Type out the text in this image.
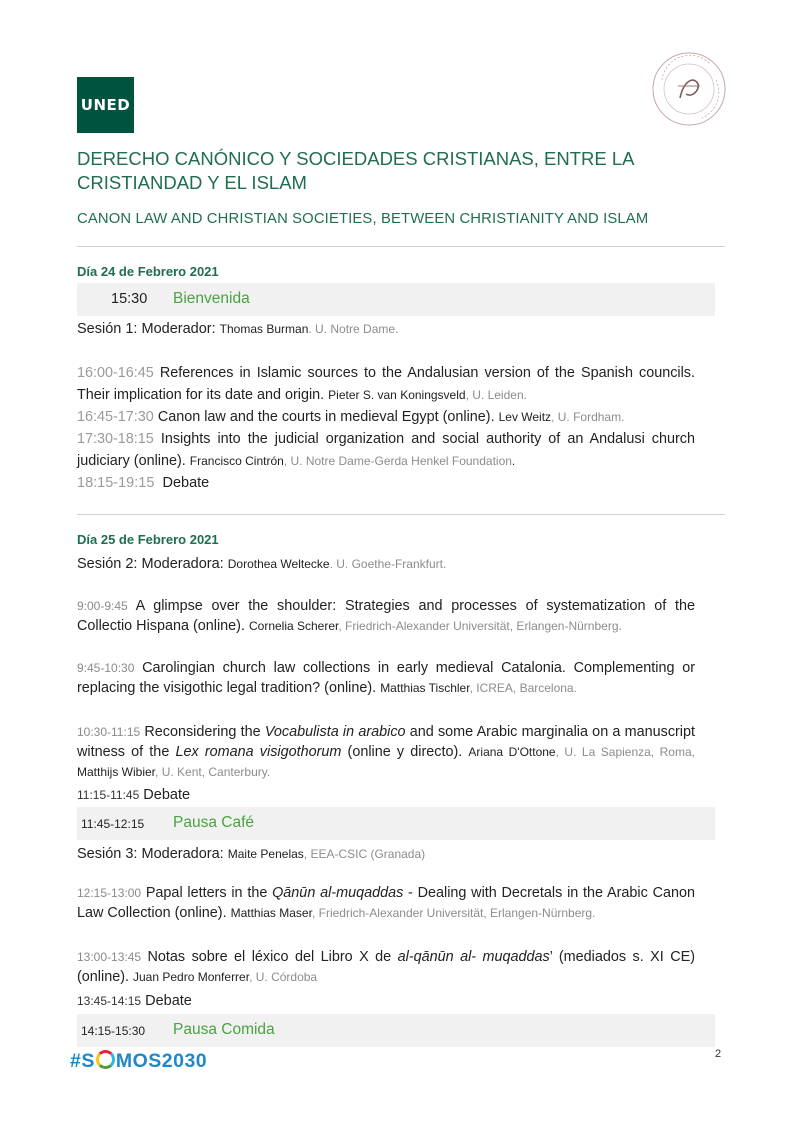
UNED
DERECHO CANÓNICO Y SOCIEDADES CRISTIANAS, ENTRE LA
CRISTIANDAD Y EL ISLAM
CANON LAW AND CHRISTIAN SOCIETIES, BETWEEN CHRISTIANITY AND ISLAM
Día 24 de Febrero 2021
15:30 Bienvenida
Sesión 1: Moderador: Thomas Burman. U. Notre Dame.
16:00-16:45 References in Islamic sources to the Andalusian version of the Spanish councils. Their implication for its date and origin. Pieter S. van Koningsveld, U. Leiden.
16:45-17:30 Canon law and the courts in medieval Egypt (online). Lev Weitz, U. Fordham.
17:30-18:15 Insights into the judicial organization and social authority of an Andalusi church judiciary (online). Francisco Cintrón, U. Notre Dame-Gerda Henkel Foundation.
18:15-19:15 Debate
Día 25 de Febrero 2021
Sesión 2: Moderadora: Dorothea Weltecke. U. Goethe-Frankfurt.
9:00-9:45 A glimpse over the shoulder: Strategies and processes of systematization of the Collectio Hispana (online). Cornelia Scherer, Friedrich-Alexander Universität, Erlangen-Nürnberg.
9:45-10:30 Carolingian church law collections in early medieval Catalonia. Complementing or replacing the visigothic legal tradition? (online). Matthias Tischler, ICREA, Barcelona.
10:30-11:15 Reconsidering the Vocabulista in arabico and some Arabic marginalia on a manuscript witness of the Lex romana visigothorum (online y directo). Ariana D'Ottone, U. La Sapienza, Roma, Matthijs Wibier, U. Kent, Canterbury.
11:15-11:45 Debate
11:45-12:15 Pausa Café
Sesión 3: Moderadora: Maite Penelas, EEA-CSIC (Granada)
12:15-13:00 Papal letters in the Qānūn al-muqaddas - Dealing with Decretals in the Arabic Canon Law Collection (online). Matthias Maser, Friedrich-Alexander Universität, Erlangen-Nürnberg.
13:00-13:45 Notas sobre el léxico del Libro X de al-qānūn al- muqaddas’ (mediados s. XI CE) (online). Juan Pedro Monferrer, U. Córdoba
13:45-14:15 Debate
14:15-15:30 Pausa Comida
#S MOS2030	2
